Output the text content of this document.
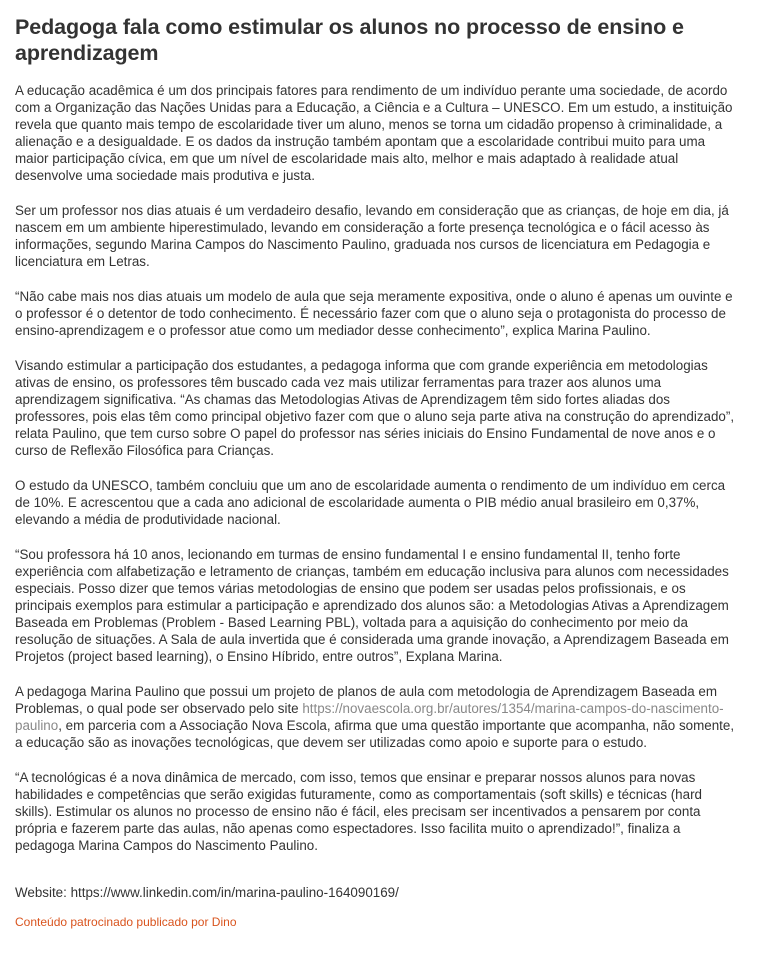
Pedagoga fala como estimular os alunos no processo de ensino e aprendizagem

A educação acadêmica é um dos principais fatores para rendimento de um indivíduo perante uma sociedade, de acordo com a Organização das Nações Unidas para a Educação, a Ciência e a Cultura – UNESCO. Em um estudo, a instituição revela que quanto mais tempo de escolaridade tiver um aluno, menos se torna um cidadão propenso à criminalidade, a alienação e a desigualdade. E os dados da instrução também apontam que a escolaridade contribui muito para uma maior participação cívica, em que um nível de escolaridade mais alto, melhor e mais adaptado à realidade atual desenvolve uma sociedade mais produtiva e justa.

Ser um professor nos dias atuais é um verdadeiro desafio, levando em consideração que as crianças, de hoje em dia, já nascem em um ambiente hiperestimulado, levando em consideração a forte presença tecnológica e o fácil acesso às informações, segundo Marina Campos do Nascimento Paulino, graduada nos cursos de licenciatura em Pedagogia e licenciatura em Letras.

“Não cabe mais nos dias atuais um modelo de aula que seja meramente expositiva, onde o aluno é apenas um ouvinte e o professor é o detentor de todo conhecimento. É necessário fazer com que o aluno seja o protagonista do processo de ensino-aprendizagem e o professor atue como um mediador desse conhecimento”, explica Marina Paulino.

Visando estimular a participação dos estudantes, a pedagoga informa que com grande experiência em metodologias ativas de ensino, os professores têm buscado cada vez mais utilizar ferramentas para trazer aos alunos uma aprendizagem significativa. “As chamas das Metodologias Ativas de Aprendizagem têm sido fortes aliadas dos professores, pois elas têm como principal objetivo fazer com que o aluno seja parte ativa na construção do aprendizado”, relata Paulino, que tem curso sobre O papel do professor nas séries iniciais do Ensino Fundamental de nove anos e o curso de Reflexão Filosófica para Crianças.

O estudo da UNESCO, também concluiu que um ano de escolaridade aumenta o rendimento de um indivíduo em cerca de 10%. E acrescentou que a cada ano adicional de escolaridade aumenta o PIB médio anual brasileiro em 0,37%, elevando a média de produtividade nacional.

“Sou professora há 10 anos, lecionando em turmas de ensino fundamental I e ensino fundamental II, tenho forte experiência com alfabetização e letramento de crianças, também em educação inclusiva para alunos com necessidades especiais. Posso dizer que temos várias metodologias de ensino que podem ser usadas pelos profissionais, e os principais exemplos para estimular a participação e aprendizado dos alunos são: a Metodologias Ativas a Aprendizagem Baseada em Problemas (Problem - Based Learning PBL), voltada para a aquisição do conhecimento por meio da resolução de situações. A Sala de aula invertida que é considerada uma grande inovação, a Aprendizagem Baseada em Projetos (project based learning), o Ensino Híbrido, entre outros”, Explana Marina.

A pedagoga Marina Paulino que possui um projeto de planos de aula com metodologia de Aprendizagem Baseada em Problemas, o qual pode ser observado pelo site https://novaescola.org.br/autores/1354/marina-campos-do-nascimento-paulino, em parceria com a Associação Nova Escola, afirma que uma questão importante que acompanha, não somente, a educação são as inovações tecnológicas, que devem ser utilizadas como apoio e suporte para o estudo.

“A tecnológicas é a nova dinâmica de mercado, com isso, temos que ensinar e preparar nossos alunos para novas habilidades e competências que serão exigidas futuramente, como as comportamentais (soft skills) e técnicas (hard skills). Estimular os alunos no processo de ensino não é fácil, eles precisam ser incentivados a pensarem por conta própria e fazerem parte das aulas, não apenas como espectadores. Isso facilita muito o aprendizado!”, finaliza a pedagoga Marina Campos do Nascimento Paulino.

Website: https://www.linkedin.com/in/marina-paulino-164090169/

Conteúdo patrocinado publicado por Dino
